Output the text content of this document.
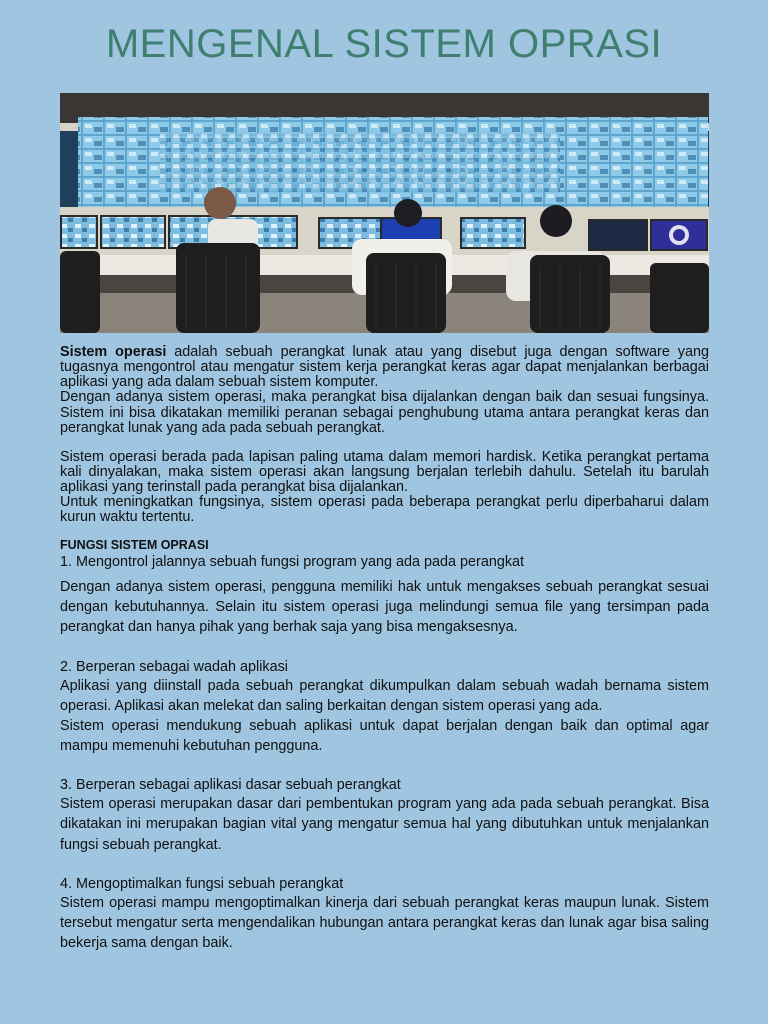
MENGENAL SISTEM OPRASI

Sistem operasi adalah sebuah perangkat lunak atau yang disebut juga dengan software yang tugasnya mengontrol atau mengatur sistem kerja perangkat keras agar dapat menjalankan berbagai aplikasi yang ada dalam sebuah sistem komputer.

Dengan adanya sistem operasi, maka perangkat bisa dijalankan dengan baik dan sesuai fungsinya. Sistem ini bisa dikatakan memiliki peranan sebagai penghubung utama antara perangkat keras dan perangkat lunak yang ada pada sebuah perangkat.

Sistem operasi berada pada lapisan paling utama dalam memori hardisk. Ketika perangkat pertama kali dinyalakan, maka sistem operasi akan langsung berjalan terlebih dahulu. Setelah itu barulah aplikasi yang terinstall pada perangkat bisa dijalankan.

Untuk meningkatkan fungsinya, sistem operasi pada beberapa perangkat perlu diperbaharui dalam kurun waktu tertentu.

FUNGSI SISTEM OPRASI
1. Mengontrol jalannya sebuah fungsi program yang ada pada perangkat

Dengan adanya sistem operasi, pengguna memiliki hak untuk mengakses sebuah perangkat sesuai dengan kebutuhannya. Selain itu sistem operasi juga melindungi semua file yang tersimpan pada perangkat dan hanya pihak yang berhak saja yang bisa mengaksesnya.

2. Berperan sebagai wadah aplikasi

Aplikasi yang diinstall pada sebuah perangkat dikumpulkan dalam sebuah wadah bernama sistem operasi. Aplikasi akan melekat dan saling berkaitan dengan sistem operasi yang ada.

Sistem operasi mendukung sebuah aplikasi untuk dapat berjalan dengan baik dan optimal agar mampu memenuhi kebutuhan pengguna.

3. Berperan sebagai aplikasi dasar sebuah perangkat

Sistem operasi merupakan dasar dari pembentukan program yang ada pada sebuah perangkat. Bisa dikatakan ini merupakan bagian vital yang mengatur semua hal yang dibutuhkan untuk menjalankan fungsi sebuah perangkat.

4. Mengoptimalkan fungsi sebuah perangkat

Sistem operasi mampu mengoptimalkan kinerja dari sebuah perangkat keras maupun lunak. Sistem tersebut mengatur serta mengendalikan hubungan antara perangkat keras dan lunak agar bisa saling bekerja sama dengan baik.
